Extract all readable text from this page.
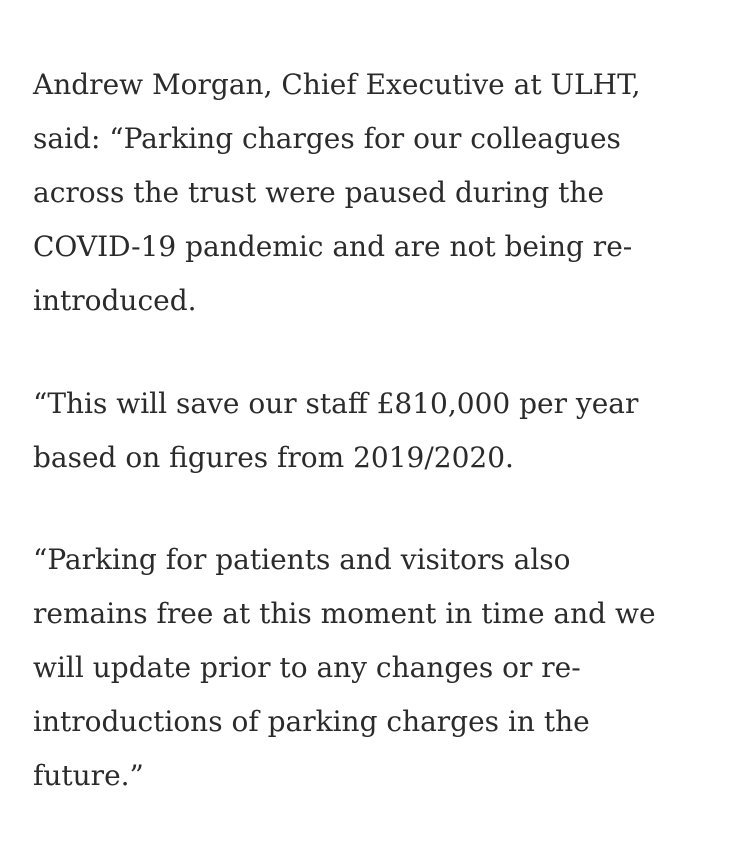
Andrew Morgan, Chief Executive at ULHT,
said: “Parking charges for our colleagues
across the trust were paused during the
COVID-19 pandemic and are not being re-
introduced.

“This will save our staff £810,000 per year
based on figures from 2019/2020.

“Parking for patients and visitors also
remains free at this moment in time and we
will update prior to any changes or re-
introductions of parking charges in the
future.”
